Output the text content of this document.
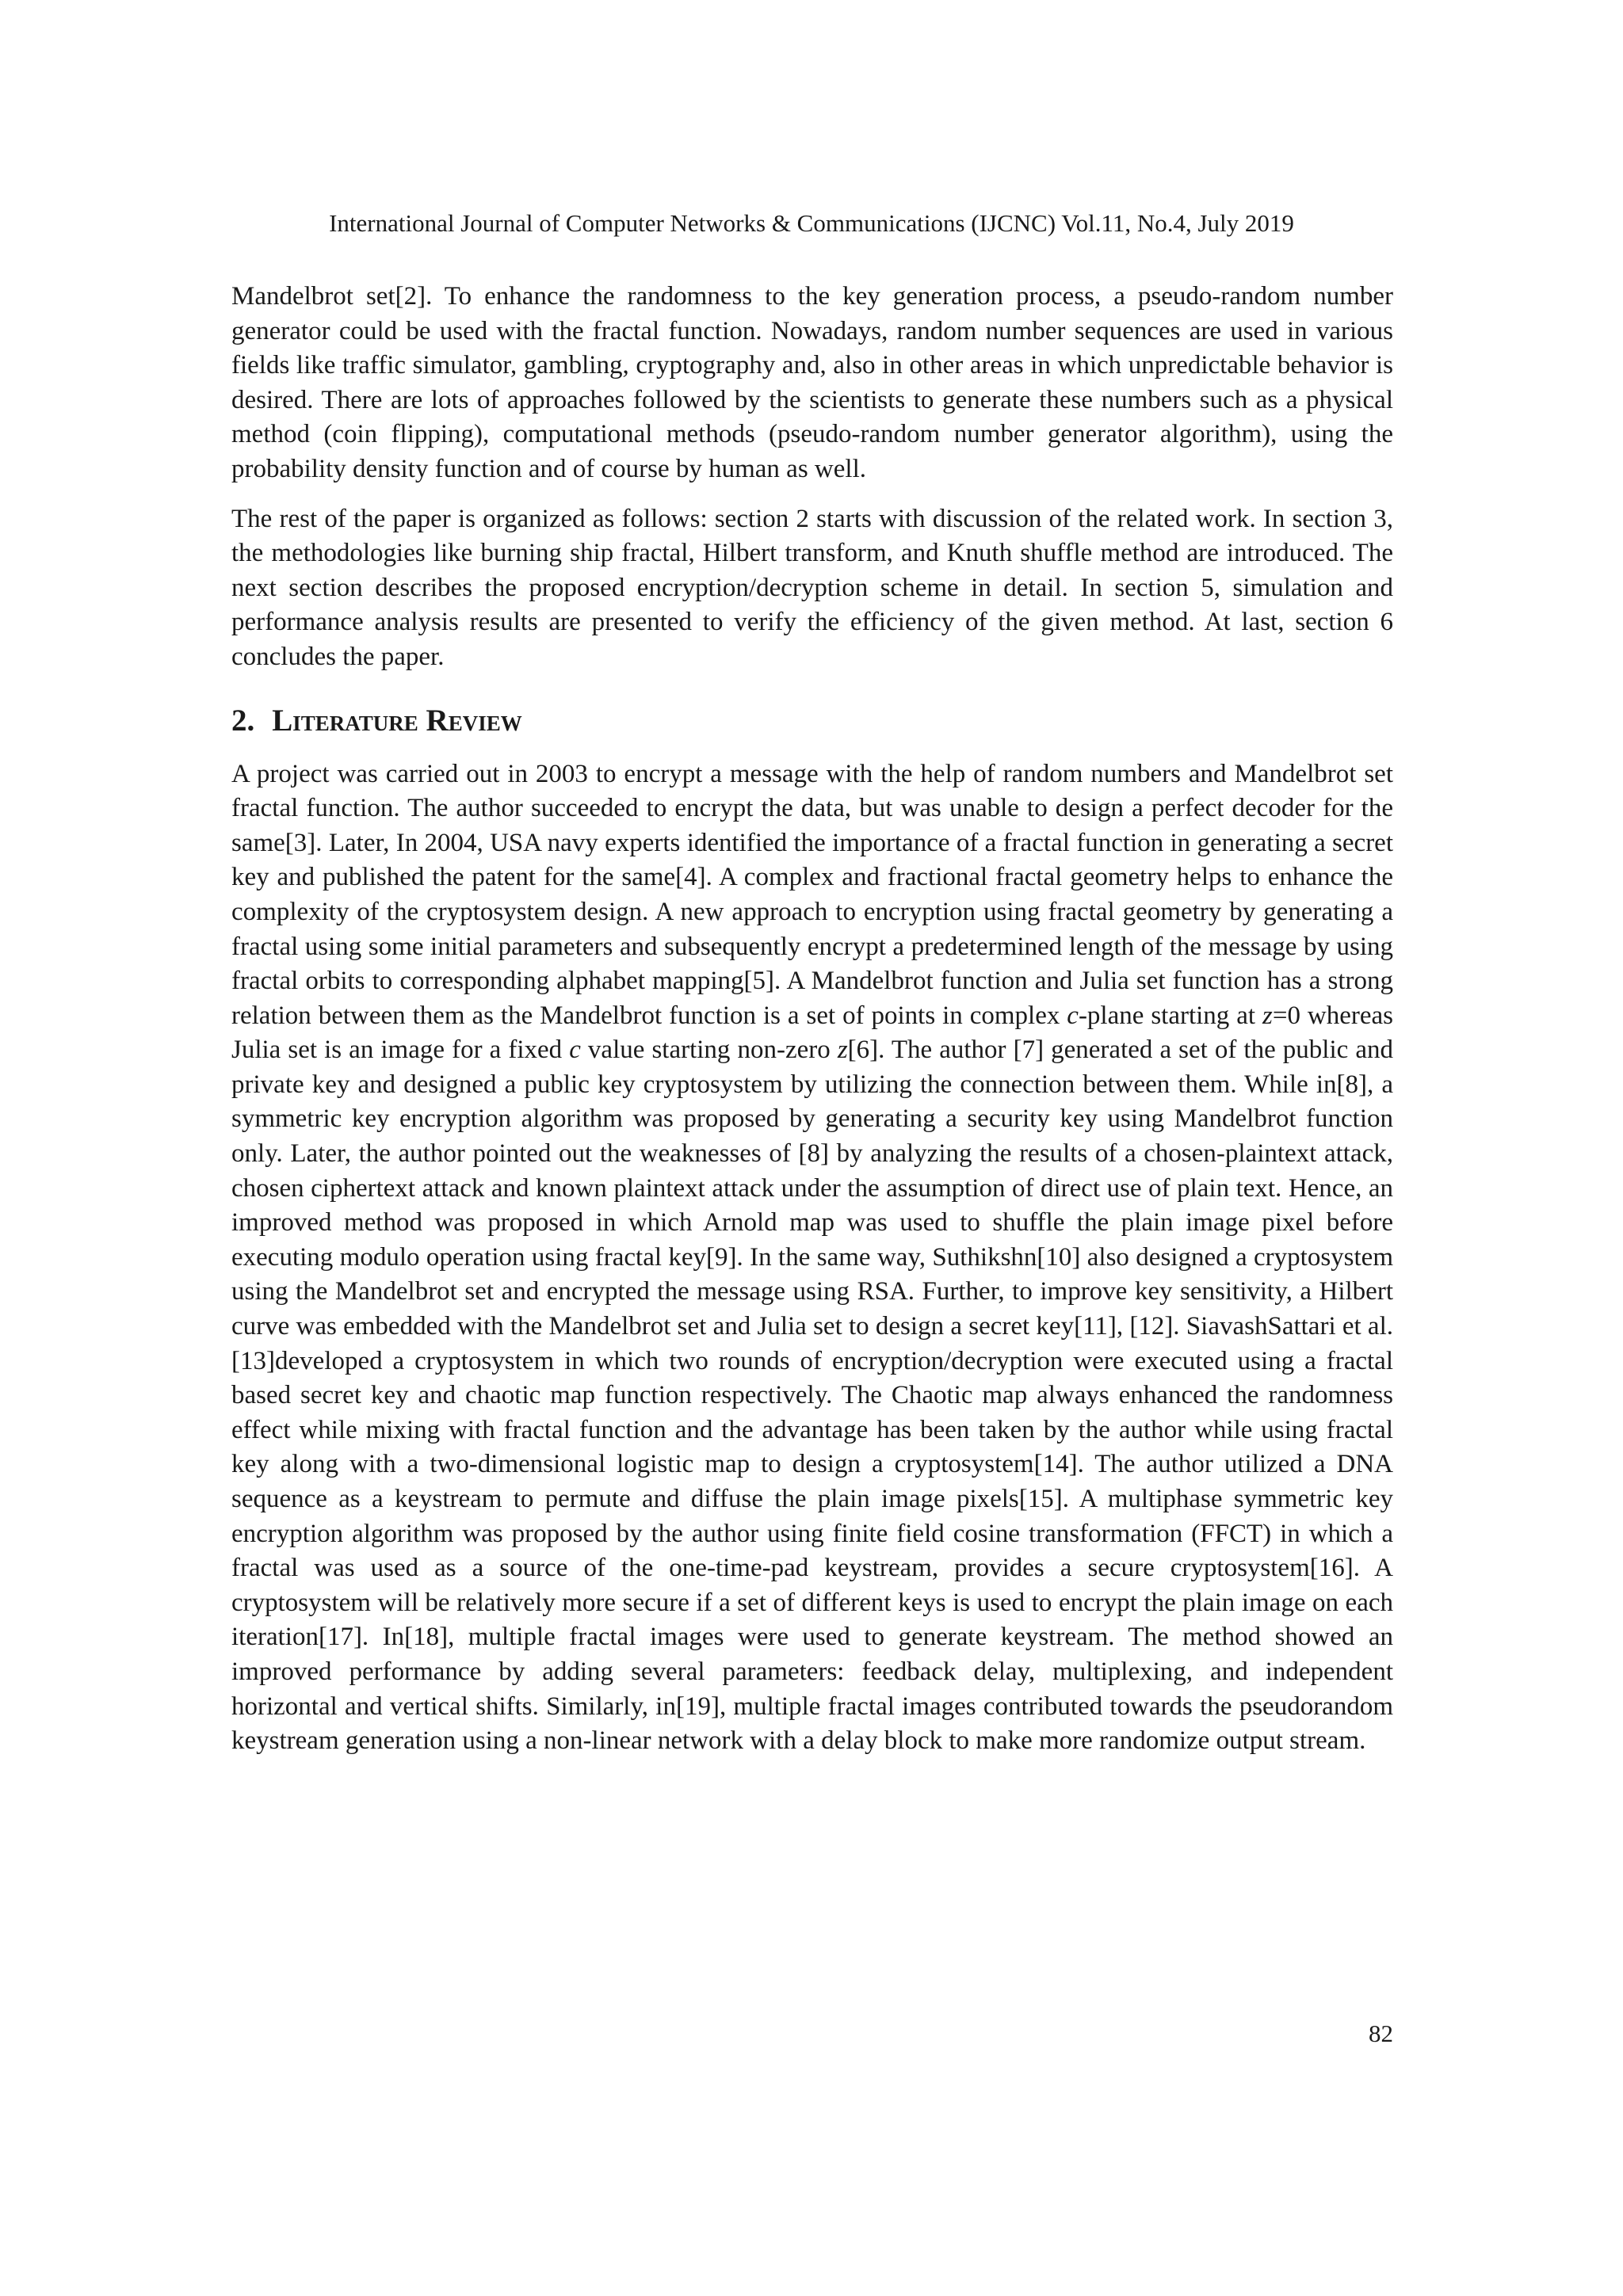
International Journal of Computer Networks & Communications (IJCNC) Vol.11, No.4, July 2019

Mandelbrot set[2]. To enhance the randomness to the key generation process, a pseudo-random number generator could be used with the fractal function. Nowadays, random number sequences are used in various fields like traffic simulator, gambling, cryptography and, also in other areas in which unpredictable behavior is desired. There are lots of approaches followed by the scientists to generate these numbers such as a physical method (coin flipping), computational methods (pseudo-random number generator algorithm), using the probability density function and of course by human as well.

The rest of the paper is organized as follows: section 2 starts with discussion of the related work. In section 3, the methodologies like burning ship fractal, Hilbert transform, and Knuth shuffle method are introduced. The next section describes the proposed encryption/decryption scheme in detail. In section 5, simulation and performance analysis results are presented to verify the efficiency of the given method. At last, section 6 concludes the paper.

2. Literature Review

A project was carried out in 2003 to encrypt a message with the help of random numbers and Mandelbrot set fractal function. The author succeeded to encrypt the data, but was unable to design a perfect decoder for the same[3]. Later, In 2004, USA navy experts identified the importance of a fractal function in generating a secret key and published the patent for the same[4]. A complex and fractional fractal geometry helps to enhance the complexity of the cryptosystem design. A new approach to encryption using fractal geometry by generating a fractal using some initial parameters and subsequently encrypt a predetermined length of the message by using fractal orbits to corresponding alphabet mapping[5]. A Mandelbrot function and Julia set function has a strong relation between them as the Mandelbrot function is a set of points in complex c-plane starting at z=0 whereas Julia set is an image for a fixed c value starting non-zero z[6]. The author [7] generated a set of the public and private key and designed a public key cryptosystem by utilizing the connection between them. While in[8], a symmetric key encryption algorithm was proposed by generating a security key using Mandelbrot function only. Later, the author pointed out the weaknesses of [8] by analyzing the results of a chosen-plaintext attack, chosen ciphertext attack and known plaintext attack under the assumption of direct use of plain text. Hence, an improved method was proposed in which Arnold map was used to shuffle the plain image pixel before executing modulo operation using fractal key[9]. In the same way, Suthikshn[10] also designed a cryptosystem using the Mandelbrot set and encrypted the message using RSA. Further, to improve key sensitivity, a Hilbert curve was embedded with the Mandelbrot set and Julia set to design a secret key[11], [12]. SiavashSattari et al. [13]developed a cryptosystem in which two rounds of encryption/decryption were executed using a fractal based secret key and chaotic map function respectively. The Chaotic map always enhanced the randomness effect while mixing with fractal function and the advantage has been taken by the author while using fractal key along with a two-dimensional logistic map to design a cryptosystem[14]. The author utilized a DNA sequence as a keystream to permute and diffuse the plain image pixels[15]. A multiphase symmetric key encryption algorithm was proposed by the author using finite field cosine transformation (FFCT) in which a fractal was used as a source of the one-time-pad keystream, provides a secure cryptosystem[16]. A cryptosystem will be relatively more secure if a set of different keys is used to encrypt the plain image on each iteration[17]. In[18], multiple fractal images were used to generate keystream. The method showed an improved performance by adding several parameters: feedback delay, multiplexing, and independent horizontal and vertical shifts. Similarly, in[19], multiple fractal images contributed towards the pseudorandom keystream generation using a non-linear network with a delay block to make more randomize output stream.

82
